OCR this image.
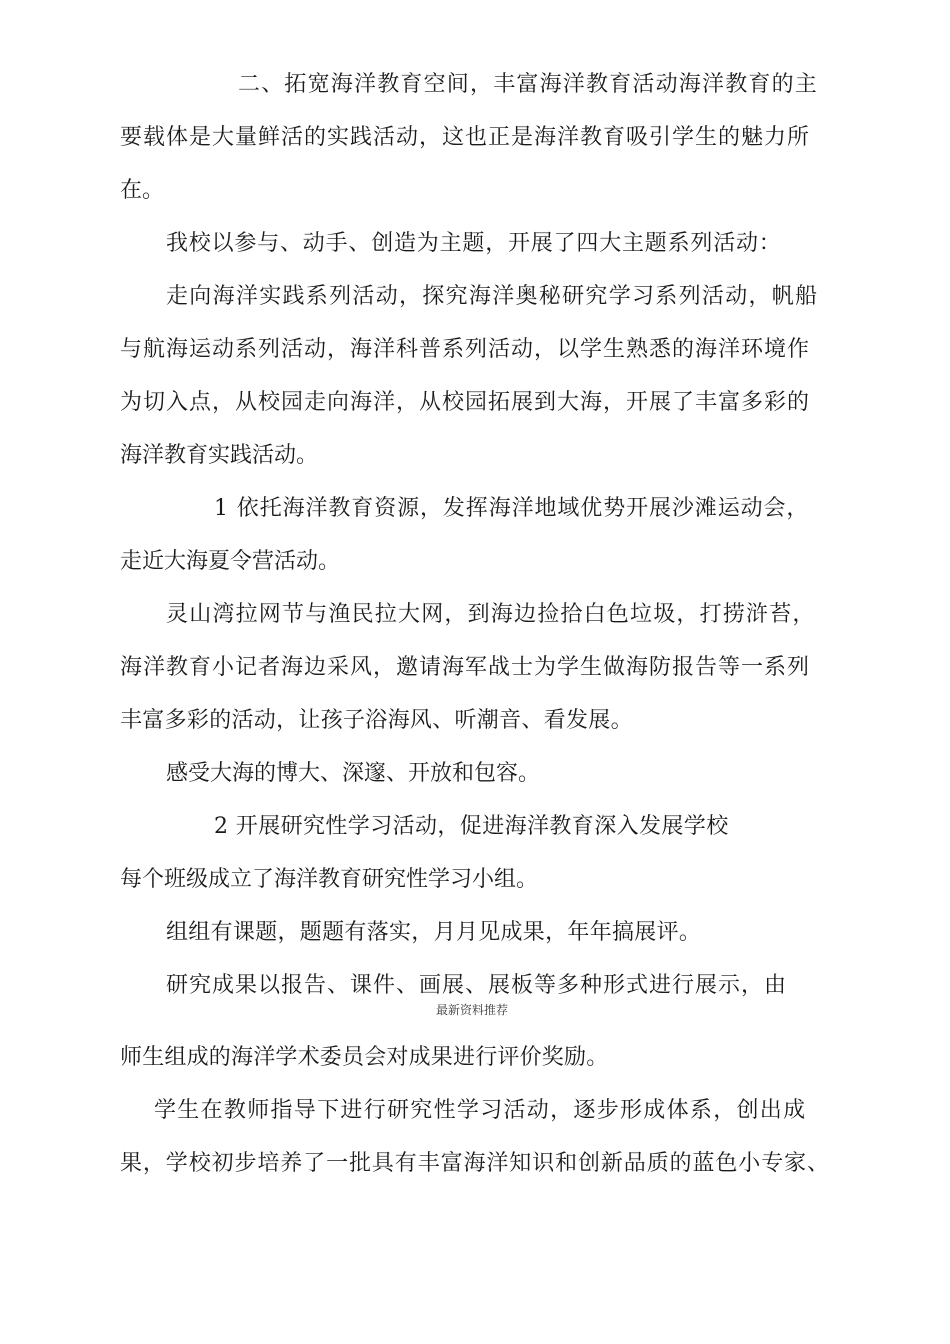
二、拓宽海洋教育空间，丰富海洋教育活动海洋教育的主
要载体是大量鲜活的实践活动，这也正是海洋教育吸引学生的魅力所
在。
我校以参与、动手、创造为主题，开展了四大主题系列活动：
走向海洋实践系列活动，探究海洋奥秘研究学习系列活动，帆船
与航海运动系列活动，海洋科普系列活动，以学生熟悉的海洋环境作
为切入点，从校园走向海洋，从校园拓展到大海，开展了丰富多彩的
海洋教育实践活动。
1 依托海洋教育资源，发挥海洋地域优势开展沙滩运动会，
走近大海夏令营活动。
灵山湾拉网节与渔民拉大网，到海边捡拾白色垃圾，打捞浒苔，
海洋教育小记者海边采风，邀请海军战士为学生做海防报告等一系列
丰富多彩的活动，让孩子浴海风、听潮音、看发展。
感受大海的博大、深邃、开放和包容。
2 开展研究性学习活动，促进海洋教育深入发展学校
每个班级成立了海洋教育研究性学习小组。
组组有课题，题题有落实，月月见成果，年年搞展评。
研究成果以报告、课件、画展、展板等多种形式进行展示，由
最新资料推荐
师生组成的海洋学术委员会对成果进行评价奖励。
学生在教师指导下进行研究性学习活动，逐步形成体系，创出成
果，学校初步培养了一批具有丰富海洋知识和创新品质的蓝色小专家、
